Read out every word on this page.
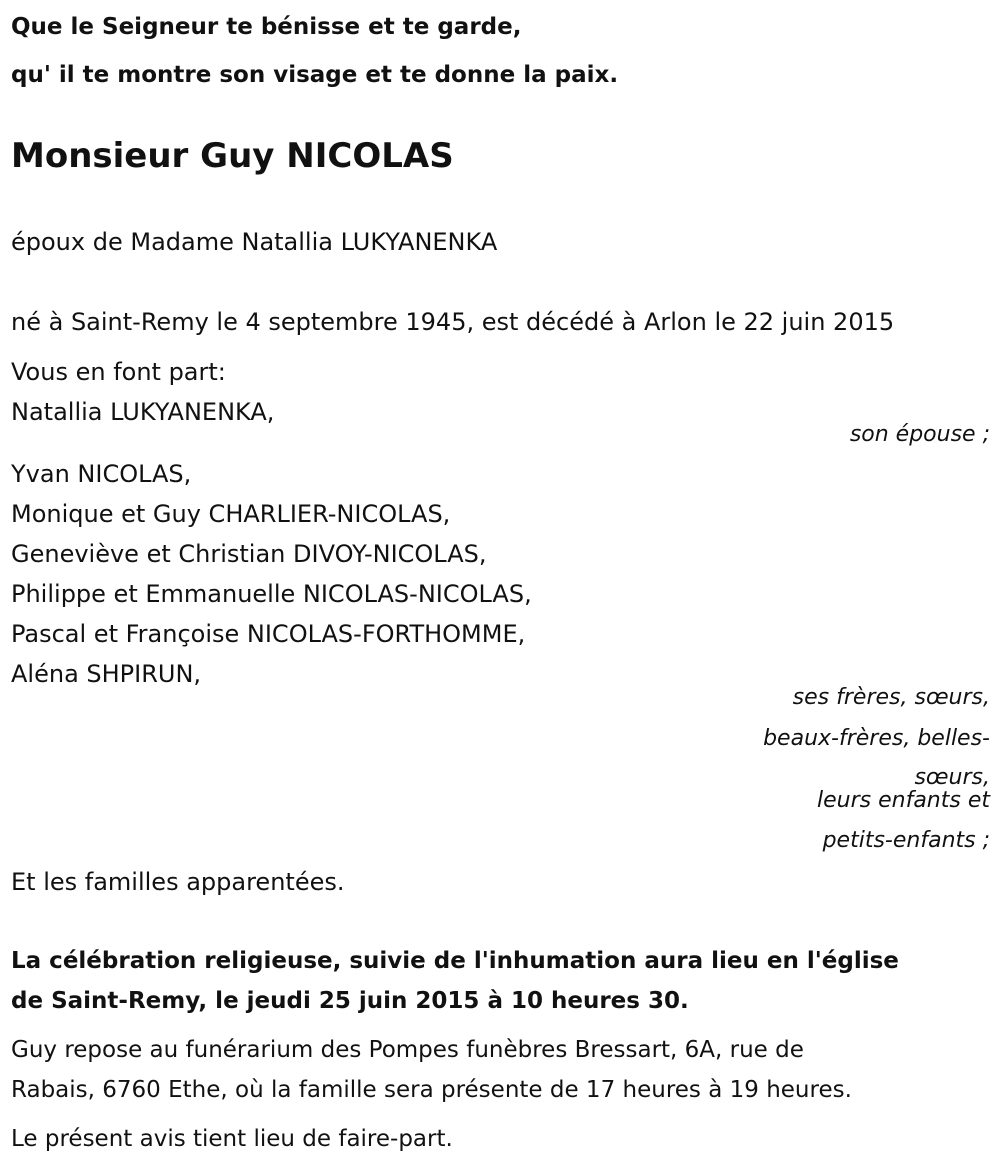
Que le Seigneur te bénisse et te garde,
qu' il te montre son visage et te donne la paix.
Monsieur Guy NICOLAS
époux de Madame Natallia LUKYANENKA
né à Saint-Remy le 4 septembre 1945, est décédé à Arlon le 22 juin 2015
Vous en font part:
Natallia LUKYANENKA,
son épouse ;
Yvan NICOLAS,
Monique et Guy CHARLIER-NICOLAS,
Geneviève et Christian DIVOY-NICOLAS,
Philippe et Emmanuelle NICOLAS-NICOLAS,
Pascal et Françoise NICOLAS-FORTHOMME,
Aléna SHPIRUN,
ses frères, sœurs,
beaux-frères, belles-
sœurs,
leurs enfants et
petits-enfants ;
Et les familles apparentées.
La célébration religieuse, suivie de l'inhumation aura lieu en l'église
de Saint-Remy, le jeudi 25 juin 2015 à 10 heures 30.
Guy repose au funérarium des Pompes funèbres Bressart, 6A, rue de
Rabais, 6760 Ethe, où la famille sera présente de 17 heures à 19 heures.
Le présent avis tient lieu de faire-part.
